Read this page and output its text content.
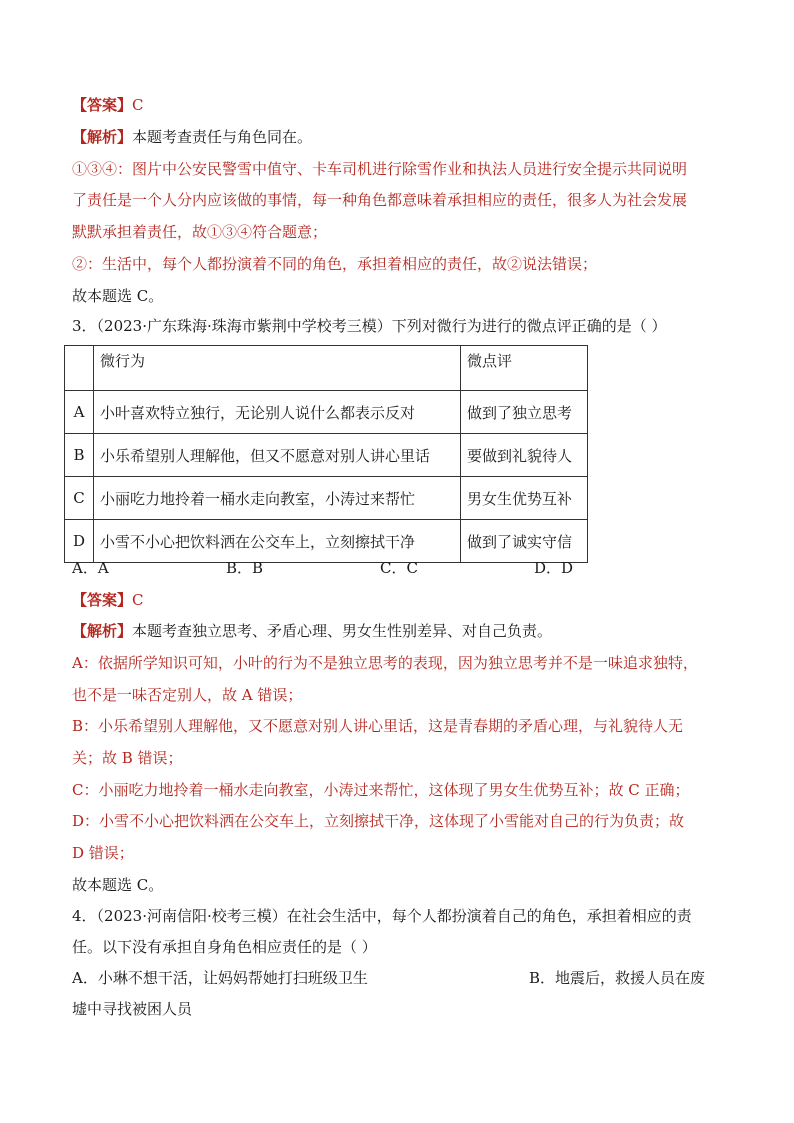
【答案】C
【解析】本题考查责任与角色同在。
①③④：图片中公安民警雪中值守、卡车司机进行除雪作业和执法人员进行安全提示共同说明
了责任是一个人分内应该做的事情，每一种角色都意味着承担相应的责任，很多人为社会发展
默默承担着责任，故①③④符合题意；
②：生活中，每个人都扮演着不同的角色，承担着相应的责任，故②说法错误；
故本题选 C。
3．（2023·广东珠海·珠海市紫荆中学校考三模）下列对微行为进行的微点评正确的是（ ）
	微行为	微点评
A	小叶喜欢特立独行，无论别人说什么都表示反对	做到了独立思考
B	小乐希望别人理解他，但又不愿意对别人讲心里话	要做到礼貌待人
C	小丽吃力地拎着一桶水走向教室，小涛过来帮忙	男女生优势互补
D	小雪不小心把饮料洒在公交车上，立刻擦拭干净	做到了诚实守信
A．A	B．B	C．C	D．D
【答案】C
【解析】本题考查独立思考、矛盾心理、男女生性别差异、对自己负责。
A：依据所学知识可知，小叶的行为不是独立思考的表现，因为独立思考并不是一味追求独特，
也不是一味否定别人，故 A 错误；
B：小乐希望别人理解他，又不愿意对别人讲心里话，这是青春期的矛盾心理，与礼貌待人无
关；故 B 错误；
C：小丽吃力地拎着一桶水走向教室，小涛过来帮忙，这体现了男女生优势互补；故 C 正确；
D：小雪不小心把饮料洒在公交车上，立刻擦拭干净，这体现了小雪能对自己的行为负责；故
D 错误；
故本题选 C。
4．（2023·河南信阳·校考三模）在社会生活中，每个人都扮演着自己的角色，承担着相应的责
任。以下没有承担自身角色相应责任的是（ ）
A．小琳不想干活，让妈妈帮她打扫班级卫生	B．地震后，救援人员在废
墟中寻找被困人员
